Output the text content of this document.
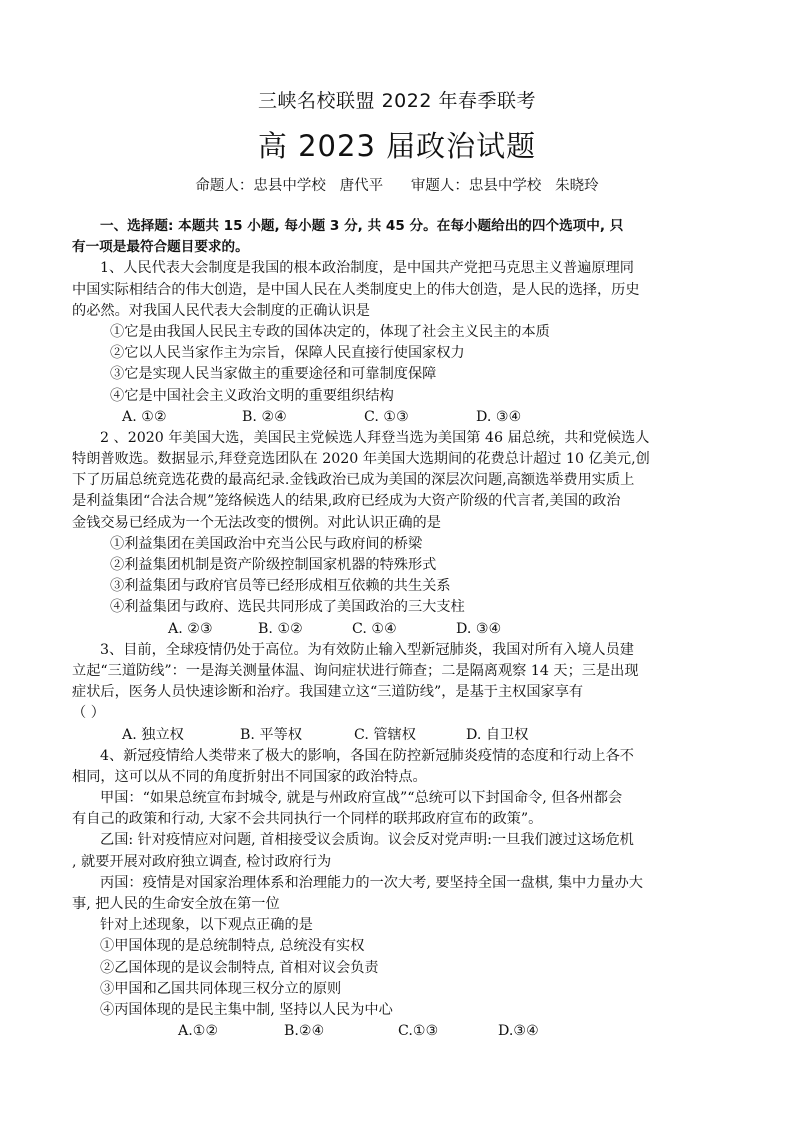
三峡名校联盟 2022 年春季联考
高 2023 届政治试题
命题人：忠县中学校   唐代平      审题人：忠县中学校   朱晓玲
一、选择题: 本题共 15 小题, 每小题 3 分, 共 45 分。在每小题给出的四个选项中, 只
有一项是最符合题目要求的。
1、人民代表大会制度是我国的根本政治制度，是中国共产党把马克思主义普遍原理同
中国实际相结合的伟大创造，是中国人民在人类制度史上的伟大创造，是人民的选择，历史
的必然。对我国人民代表大会制度的正确认识是
①它是由我国人民民主专政的国体决定的，体现了社会主义民主的本质
②它以人民当家作主为宗旨，保障人民直接行使国家权力
③它是实现人民当家做主的重要途径和可靠制度保障
④它是中国社会主义政治文明的重要组织结构
A. ①②	B. ②④	C. ①③	D. ③④
2 、2020 年美国大选，美国民主党候选人拜登当选为美国第 46 届总统，共和党候选人
特朗普败选。数据显示,拜登竞选团队在 2020 年美国大选期间的花费总计超过 10 亿美元,创
下了历届总统竞选花费的最高纪录.金钱政治已成为美国的深层次问题,高额选举费用实质上
是利益集团“合法合规”笼络候选人的结果,政府已经成为大资产阶级的代言者,美国的政治
金钱交易已经成为一个无法改变的惯例。对此认识正确的是
①利益集团在美国政治中充当公民与政府间的桥梁
②利益集团机制是资产阶级控制国家机器的特殊形式
③利益集团与政府官员等已经形成相互依赖的共生关系
④利益集团与政府、选民共同形成了美国政治的三大支柱
A. ②③	B. ①②	C. ①④	D. ③④
3、目前，全球疫情仍处于高位。为有效防止输入型新冠肺炎，我国对所有入境人员建
立起“三道防线”：一是海关测量体温、询问症状进行筛查；二是隔离观察 14 天；三是出现
症状后，医务人员快速诊断和治疗。我国建立这“三道防线”，是基于主权国家享有
（ ）
A. 独立权	B. 平等权	C. 管辖权	D. 自卫权
4、新冠疫情给人类带来了极大的影响，各国在防控新冠肺炎疫情的态度和行动上各不
相同，这可以从不同的角度折射出不同国家的政治特点。
甲国：“如果总统宣布封城令, 就是与州政府宣战”“总统可以下封国命令, 但各州都会
有自己的政策和行动, 大家不会共同执行一个同样的联邦政府宣布的政策”。
乙国: 针对疫情应对问题, 首相接受议会质询。议会反对党声明:一旦我们渡过这场危机
, 就要开展对政府独立调查, 检讨政府行为
丙国：疫情是对国家治理体系和治理能力的一次大考, 要坚持全国一盘棋, 集中力量办大
事, 把人民的生命安全放在第一位
针对上述现象，以下观点正确的是
①甲国体现的是总统制特点, 总统没有实权
②乙国体现的是议会制特点, 首相对议会负责
③甲国和乙国共同体现三权分立的原则
④丙国体现的是民主集中制, 坚持以人民为中心
A.①②	B.②④	C.①③	D.③④
